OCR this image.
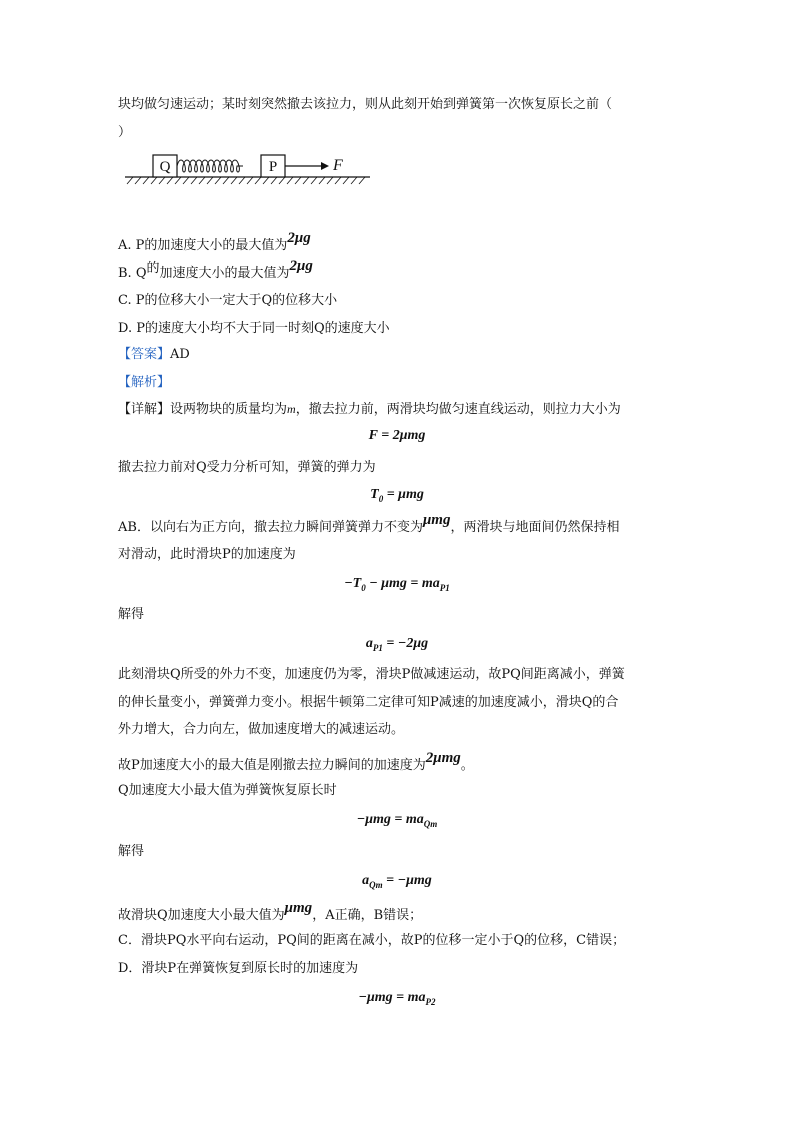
块均做匀速运动；某时刻突然撤去该拉力，则从此刻开始到弹簧第一次恢复原长之前（
）
Q	P	F
A. P的加速度大小的最大值为2μg
B. Q的加速度大小的最大值为2μg
C. P的位移大小一定大于Q的位移大小
D. P的速度大小均不大于同一时刻Q的速度大小
【答案】AD
【解析】
【详解】设两物块的质量均为m，撤去拉力前，两滑块均做匀速直线运动，则拉力大小为
F = 2μmg
撤去拉力前对Q受力分析可知，弹簧的弹力为
$T_0 = \mu mg$
AB．以向右为正方向，撤去拉力瞬间弹簧弹力不变为μmg，两滑块与地面间仍然保持相
对滑动，此时滑块P的加速度为
$-T_0 - \mu mg = ma_{P1}$
解得
$a_{P1} = -2\mu g$
此刻滑块Q所受的外力不变，加速度仍为零，滑块P做减速运动，故PQ间距离减小，弹簧
的伸长量变小，弹簧弹力变小。根据牛顿第二定律可知P减速的加速度减小，滑块Q的合
外力增大，合力向左，做加速度增大的减速运动。
故P加速度大小的最大值是刚撤去拉力瞬间的加速度为2μmg。
Q加速度大小最大值为弹簧恢复原长时
$-\mu mg = ma_{Qm}$
解得
$a_{Qm} = -\mu mg$
故滑块Q加速度大小最大值为μmg，A正确，B错误；
C．滑块PQ水平向右运动，PQ间的距离在减小，故P的位移一定小于Q的位移，C错误；
D．滑块P在弹簧恢复到原长时的加速度为
$-\mu mg = ma_{P2}$
